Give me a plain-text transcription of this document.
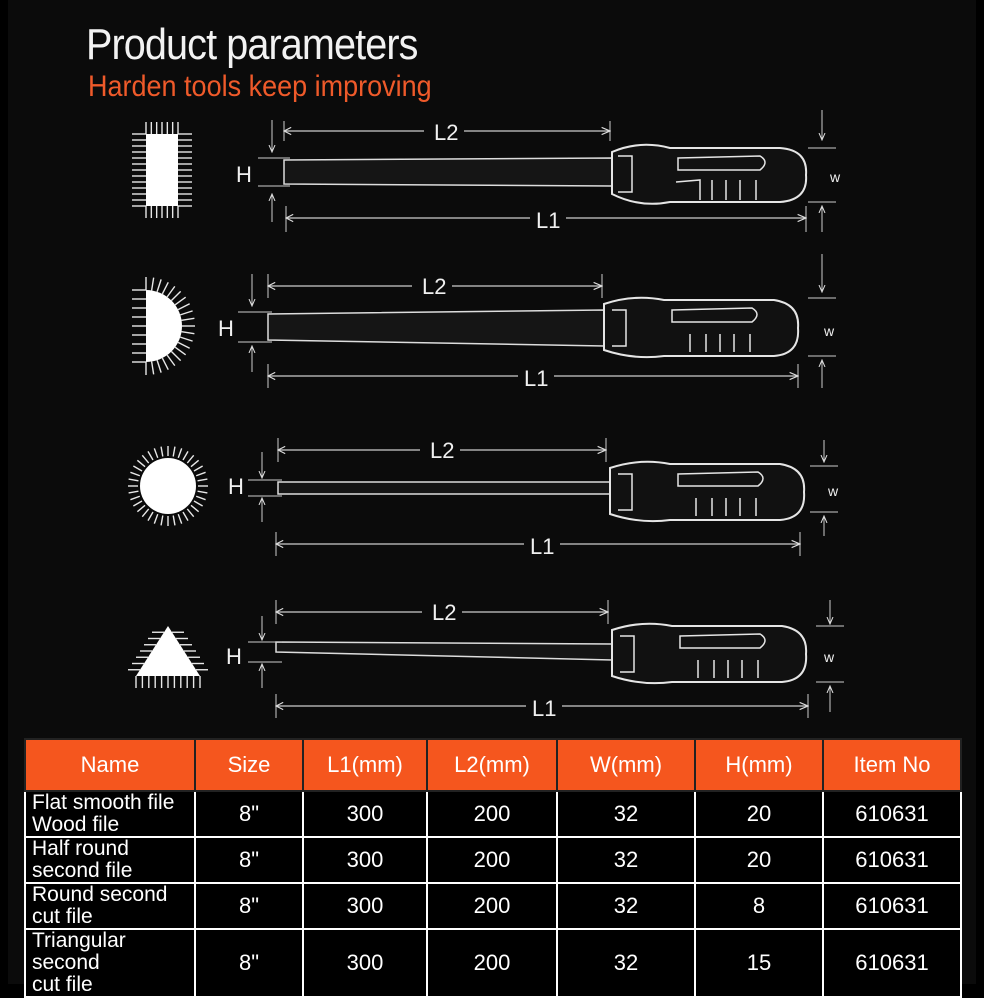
Product parameters
Harden tools keep improving
L2
H
L1
w
L2
H
L1
w
L2
H
L1
w
L2
H
L1
w
Name	Size	L1(mm)	L2(mm)	W(mm)	H(mm)	Item No

Flat smooth file
Wood file	8"	300	200	32	20	610631

Half round
second file	8"	300	200	32	20	610631

Round second
cut file	8"	300	200	32	8	610631

Triangular second
cut file	8"	300	200	32	15	610631
